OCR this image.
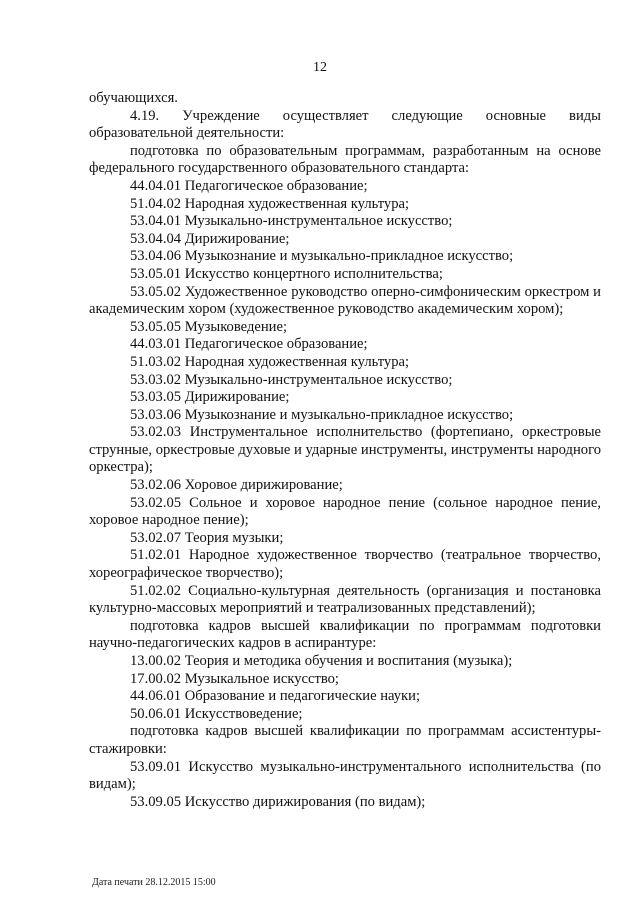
12

обучающихся.

4.19. Учреждение осуществляет следующие основные виды образовательной деятельности:

подготовка по образовательным программам, разработанным на основе федерального государственного образовательного стандарта:

44.04.01 Педагогическое образование;

51.04.02 Народная художественная культура;

53.04.01 Музыкально-инструментальное искусство;

53.04.04 Дирижирование;

53.04.06 Музыкознание и музыкально-прикладное искусство;

53.05.01 Искусство концертного исполнительства;

53.05.02 Художественное руководство оперно-симфоническим оркестром и академическим хором (художественное руководство академическим хором);

53.05.05 Музыковедение;

44.03.01 Педагогическое образование;

51.03.02 Народная художественная культура;

53.03.02 Музыкально-инструментальное искусство;

53.03.05 Дирижирование;

53.03.06 Музыкознание и музыкально-прикладное искусство;

53.02.03 Инструментальное исполнительство (фортепиано, оркестровые струнные, оркестровые духовые и ударные инструменты, инструменты народного оркестра);

53.02.06 Хоровое дирижирование;

53.02.05 Сольное и хоровое народное пение (сольное народное пение, хоровое народное пение);

53.02.07 Теория музыки;

51.02.01 Народное художественное творчество (театральное творчество, хореографическое творчество);

51.02.02 Социально-культурная деятельность (организация и постановка культурно-массовых мероприятий и театрализованных представлений);

подготовка кадров высшей квалификации по программам подготовки научно-педагогических кадров в аспирантуре:

13.00.02 Теория и методика обучения и воспитания (музыка);

17.00.02 Музыкальное искусство;

44.06.01 Образование и педагогические науки;

50.06.01 Искусствоведение;

подготовка кадров высшей квалификации по программам ассистентуры-стажировки:

53.09.01 Искусство музыкально-инструментального исполнительства (по видам);

53.09.05 Искусство дирижирования (по видам);

Дата печати 28.12.2015 15:00
